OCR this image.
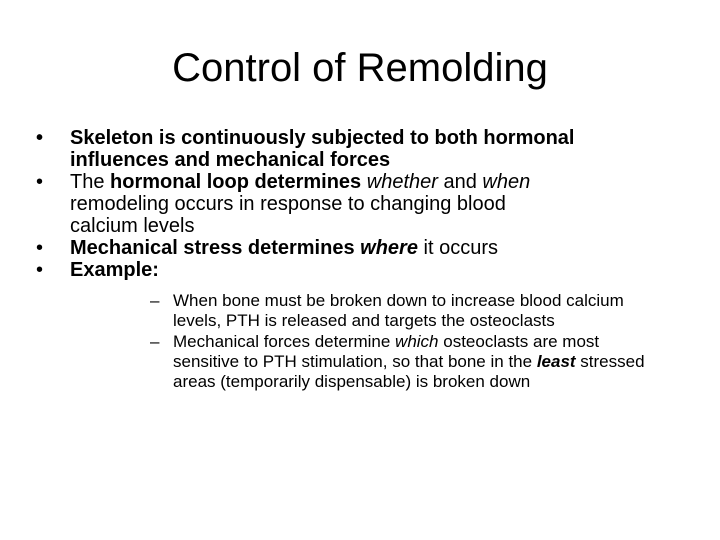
Control of Remolding
• Skeleton is continuously subjected to both hormonal
influences and mechanical forces
• The hormonal loop determines whether and when
remodeling occurs in response to changing blood
calcium levels
• Mechanical stress determines where it occurs
• Example:
– When bone must be broken down to increase blood calcium
levels, PTH is released and targets the osteoclasts
– Mechanical forces determine which osteoclasts are most
sensitive to PTH stimulation, so that bone in the least stressed
areas (temporarily dispensable) is broken down
